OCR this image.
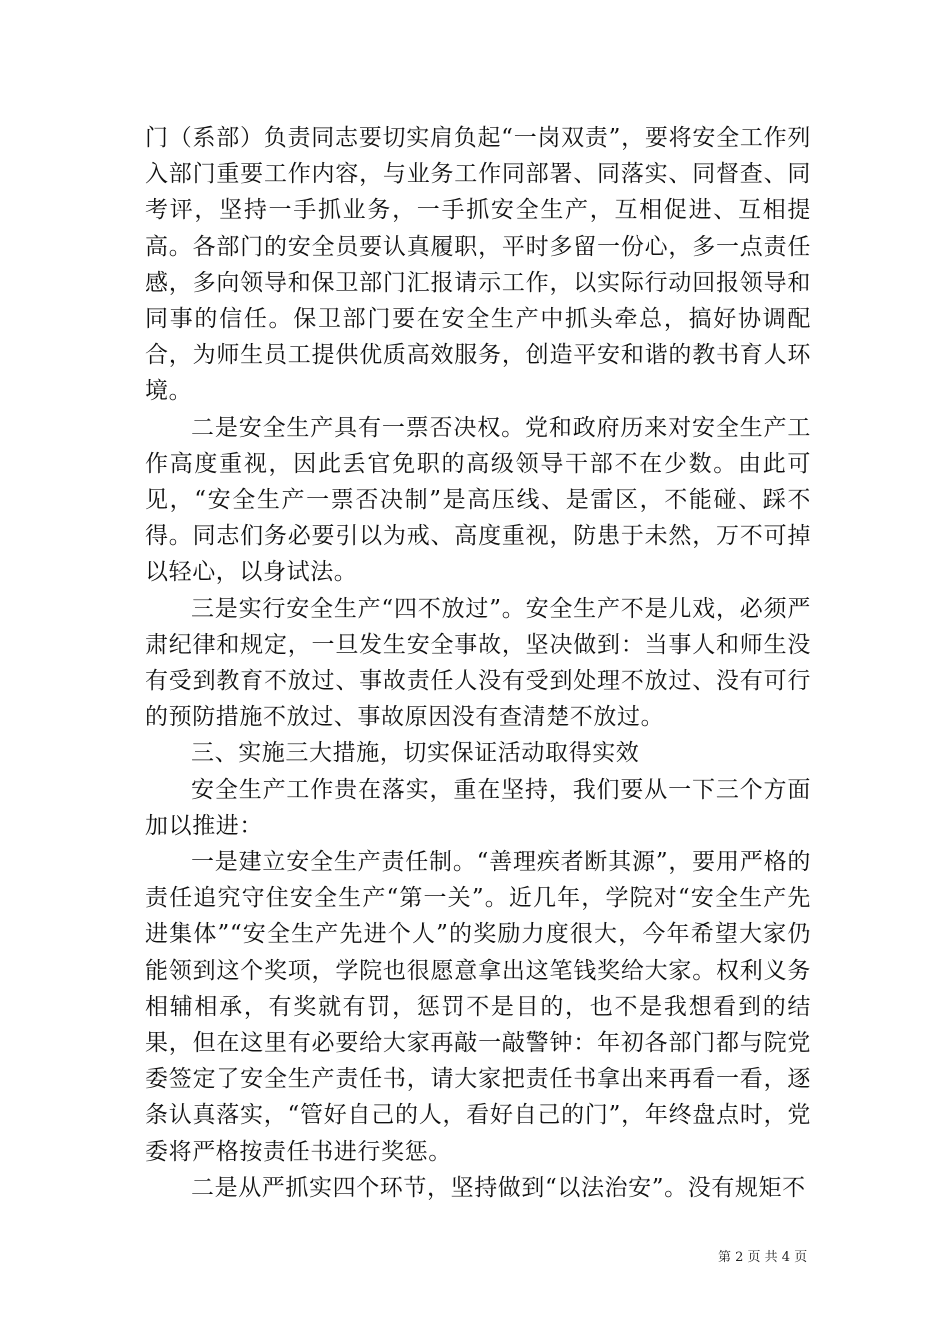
门（系部）负责同志要切实肩负起“一岗双责”，要将安全工作列入部门重要工作内容，与业务工作同部署、同落实、同督查、同考评，坚持一手抓业务，一手抓安全生产，互相促进、互相提高。各部门的安全员要认真履职，平时多留一份心，多一点责任感，多向领导和保卫部门汇报请示工作，以实际行动回报领导和同事的信任。保卫部门要在安全生产中抓头牵总，搞好协调配合，为师生员工提供优质高效服务，创造平安和谐的教书育人环境。

二是安全生产具有一票否决权。党和政府历来对安全生产工作高度重视，因此丢官免职的高级领导干部不在少数。由此可见，“安全生产一票否决制”是高压线、是雷区，不能碰、踩不得。同志们务必要引以为戒、高度重视，防患于未然，万不可掉以轻心，以身试法。

三是实行安全生产“四不放过”。安全生产不是儿戏，必须严肃纪律和规定，一旦发生安全事故，坚决做到：当事人和师生没有受到教育不放过、事故责任人没有受到处理不放过、没有可行的预防措施不放过、事故原因没有查清楚不放过。

三、实施三大措施，切实保证活动取得实效

安全生产工作贵在落实，重在坚持，我们要从一下三个方面加以推进：

一是建立安全生产责任制。“善理疾者断其源”，要用严格的责任追究守住安全生产“第一关”。近几年，学院对“安全生产先进集体”“安全生产先进个人”的奖励力度很大，今年希望大家仍能领到这个奖项，学院也很愿意拿出这笔钱奖给大家。权利义务相辅相承，有奖就有罚，惩罚不是目的，也不是我想看到的结果，但在这里有必要给大家再敲一敲警钟：年初各部门都与院党委签定了安全生产责任书，请大家把责任书拿出来再看一看，逐条认真落实，“管好自己的人，看好自己的门”，年终盘点时，党委将严格按责任书进行奖惩。

二是从严抓实四个环节，坚持做到“以法治安”。没有规矩不

第 2 页 共 4 页
